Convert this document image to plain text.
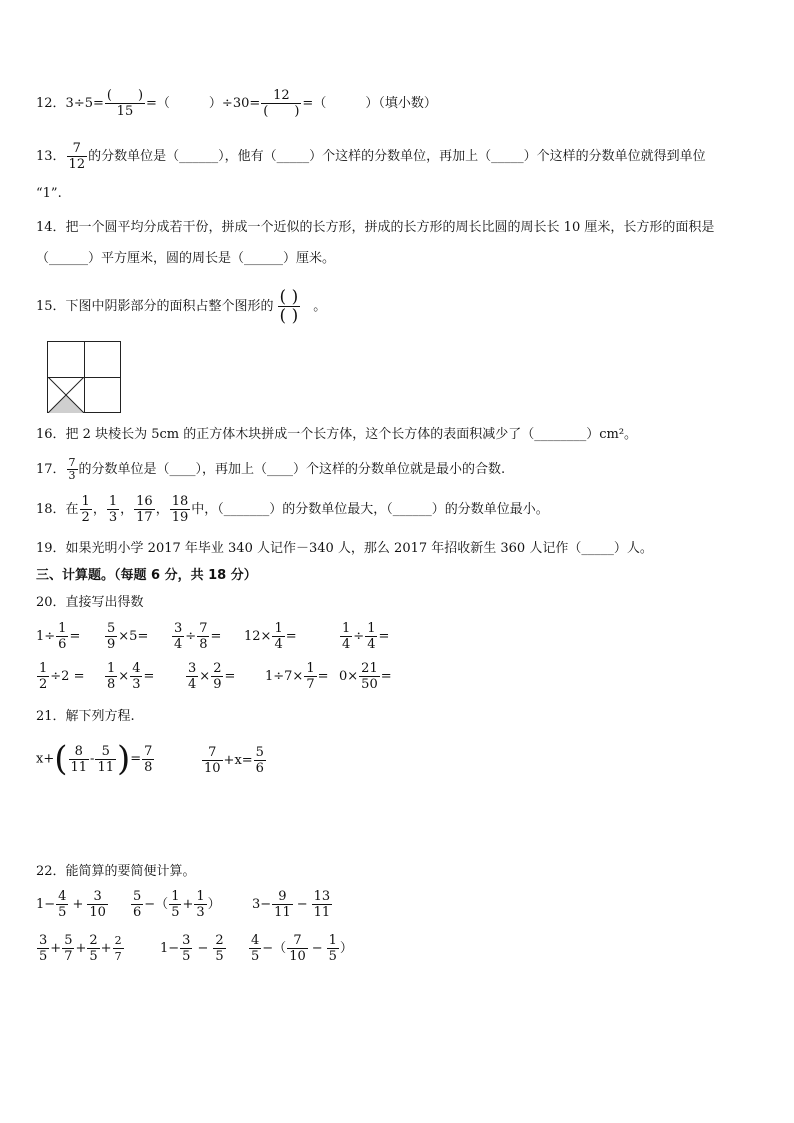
12．$3\div 5= \frac{( )}{15}$ =（　　　）$\div 30= \frac{12}{( )}$ =（　　　）（填小数）
13． $\frac{7}{12}$ 的分数单位是（______），他有（_____）个这样的分数单位，再加上（_____）个这样的分数单位就得到单位
“1”.
14．把一个圆平均分成若干份，拼成一个近似的长方形，拼成的长方形的周长比圆的周长长 10 厘米，长方形的面积是
（______）平方厘米，圆的周长是（______）厘米。
15．下图中阴影部分的面积占整个图形的 $\frac{( )}{( )}$ 。
16．把 2 块棱长为 5cm 的正方体木块拼成一个长方体，这个长方体的表面积减少了（________）cm²。
17． $\frac{7}{3}$ 的分数单位是（____），再加上（____）个这样的分数单位就是最小的合数.
18．在 $\frac{1}{2}$ ， $\frac{1}{3}$ ， $\frac{16}{17}$ ， $\frac{18}{19}$ 中，（_______）的分数单位最大，（______）的分数单位最小。
19．如果光明小学 2017 年毕业 340 人记作－340 人，那么 2017 年招收新生 360 人记作（_____）人。
三、计算题。（每题 6 分，共 18 分）
20．直接写出得数
$1\div \frac{1}{6} = \frac{5}{9} \times 5= \frac{3}{4} \div \frac{7}{8} = 12\times \frac{1}{4}$ =	$\frac{1}{4} \div \frac{1}{4}$ =
$\frac{1}{2} \div 2 = \frac{1}{8} \times \frac{4}{3} = \frac{3}{4} \times \frac{2}{9} = 1\div 7\times \frac{1}{7} = 0\times \frac{21}{50}$ =
21．解下列方程.
$x+( \frac{8}{11} - \frac{5}{11}$ )= $\frac{7}{8}$	$\frac{7}{10} +x= \frac{5}{6}$
22．能简算的要简便计算。
$1- \frac{4}{5} + \frac{3}{10} \frac{5}{6}$ −（ $\frac{1}{5} + \frac{1}{3}$ ） $3- \frac{9}{11} - \frac{13}{11}$
$\frac{3}{5} + \frac{5}{7} + \frac{2}{5} + \frac{2}{7}$	$1- \frac{3}{5} - \frac{2}{5} \frac{4}{5}$ −（ $\frac{7}{10} - \frac{1}{5}$ ）
